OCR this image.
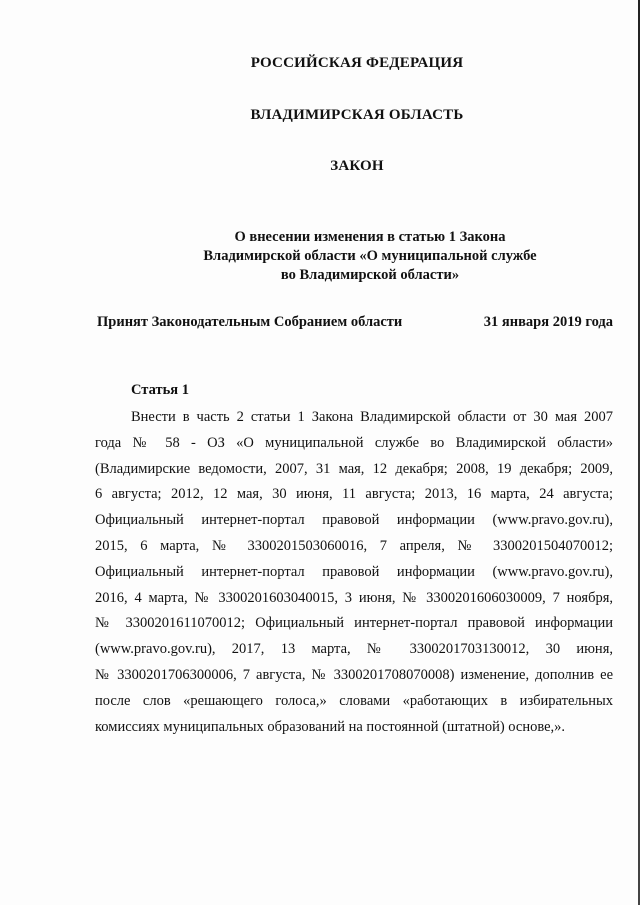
РОССИЙСКАЯ ФЕДЕРАЦИЯ
ВЛАДИМИРСКАЯ ОБЛАСТЬ
ЗАКОН
О внесении изменения в статью 1 Закона
Владимирской области «О муниципальной службе
во Владимирской области»
Принят Законодательным Собранием области	31 января 2019 года
Статья 1
Внести в часть 2 статьи 1 Закона Владимирской области от 30 мая 2007
года № 58 - ОЗ «О муниципальной службе во Владимирской области»
(Владимирские ведомости, 2007, 31 мая, 12 декабря; 2008, 19 декабря; 2009,
6 августа; 2012, 12 мая, 30 июня, 11 августа; 2013, 16 марта, 24 августа;
Официальный интернет-портал правовой информации (www.pravo.gov.ru),
2015, 6 марта, № 3300201503060016, 7 апреля, № 3300201504070012;
Официальный интернет-портал правовой информации (www.pravo.gov.ru),
2016, 4 марта, № 3300201603040015, 3 июня, № 3300201606030009, 7 ноября,
№ 3300201611070012; Официальный интернет-портал правовой информации
(www.pravo.gov.ru), 2017, 13 марта, № 3300201703130012, 30 июня,
№ 3300201706300006, 7 августа, № 3300201708070008) изменение, дополнив ее
после слов «решающего голоса,» словами «работающих в избирательных
комиссиях муниципальных образований на постоянной (штатной) основе,».
